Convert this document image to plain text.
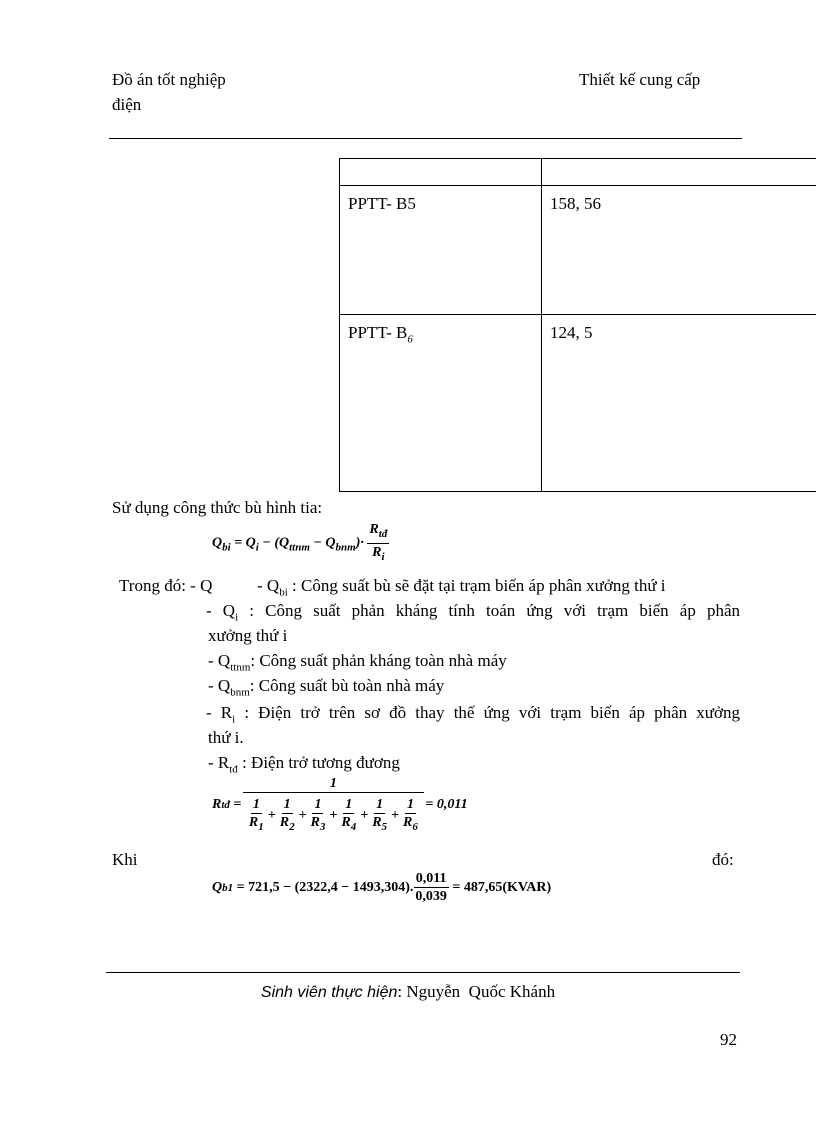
Đồ án tốt nghiệp
điện
Thiết kế cung cấp

PPTT- B5	158, 56
PPTT- $B_6$	124, 5
Sử dụng công thức bù hình tia:
$Q_{bi} = Q_i - (Q_{ttnm} - Q_{bnm})\cdot \frac{R_{tđ}}{R_i}$
Trong đó: - Q	- $Q_{bi}$ : Công suất bù sẽ đặt tại trạm biến áp phân xưởng thứ i
- $Q_i$ : Công suất phản kháng tính toán ứng với trạm biến áp phân
xưởng thứ i
- $Q_{ttnm}$: Công suất phản kháng toàn nhà máy
- $Q_{bnm}$: Công suất bù toàn nhà máy
- $R_i$ : Điện trở trên sơ đồ thay thế ứng với trạm biến áp phân xưởng
thứ i.
- $R_{tđ}$ : Điện trở tương đương
R tđ = $\frac{1}{\frac{1}{R_1} + \frac{1}{R_2} + \frac{1}{R_3} + \frac{1}{R_4} + \frac{1}{R_5} + \frac{1}{R_6}} = 0,011$
Khi	đó:
Q b1 = 721,5 − (2322,4 − 1493,304). $\frac{0,011}{0,039}$ = 487,65(KVAR)
Sinh viên thực hiện: Nguyễn  Quốc Khánh
92
